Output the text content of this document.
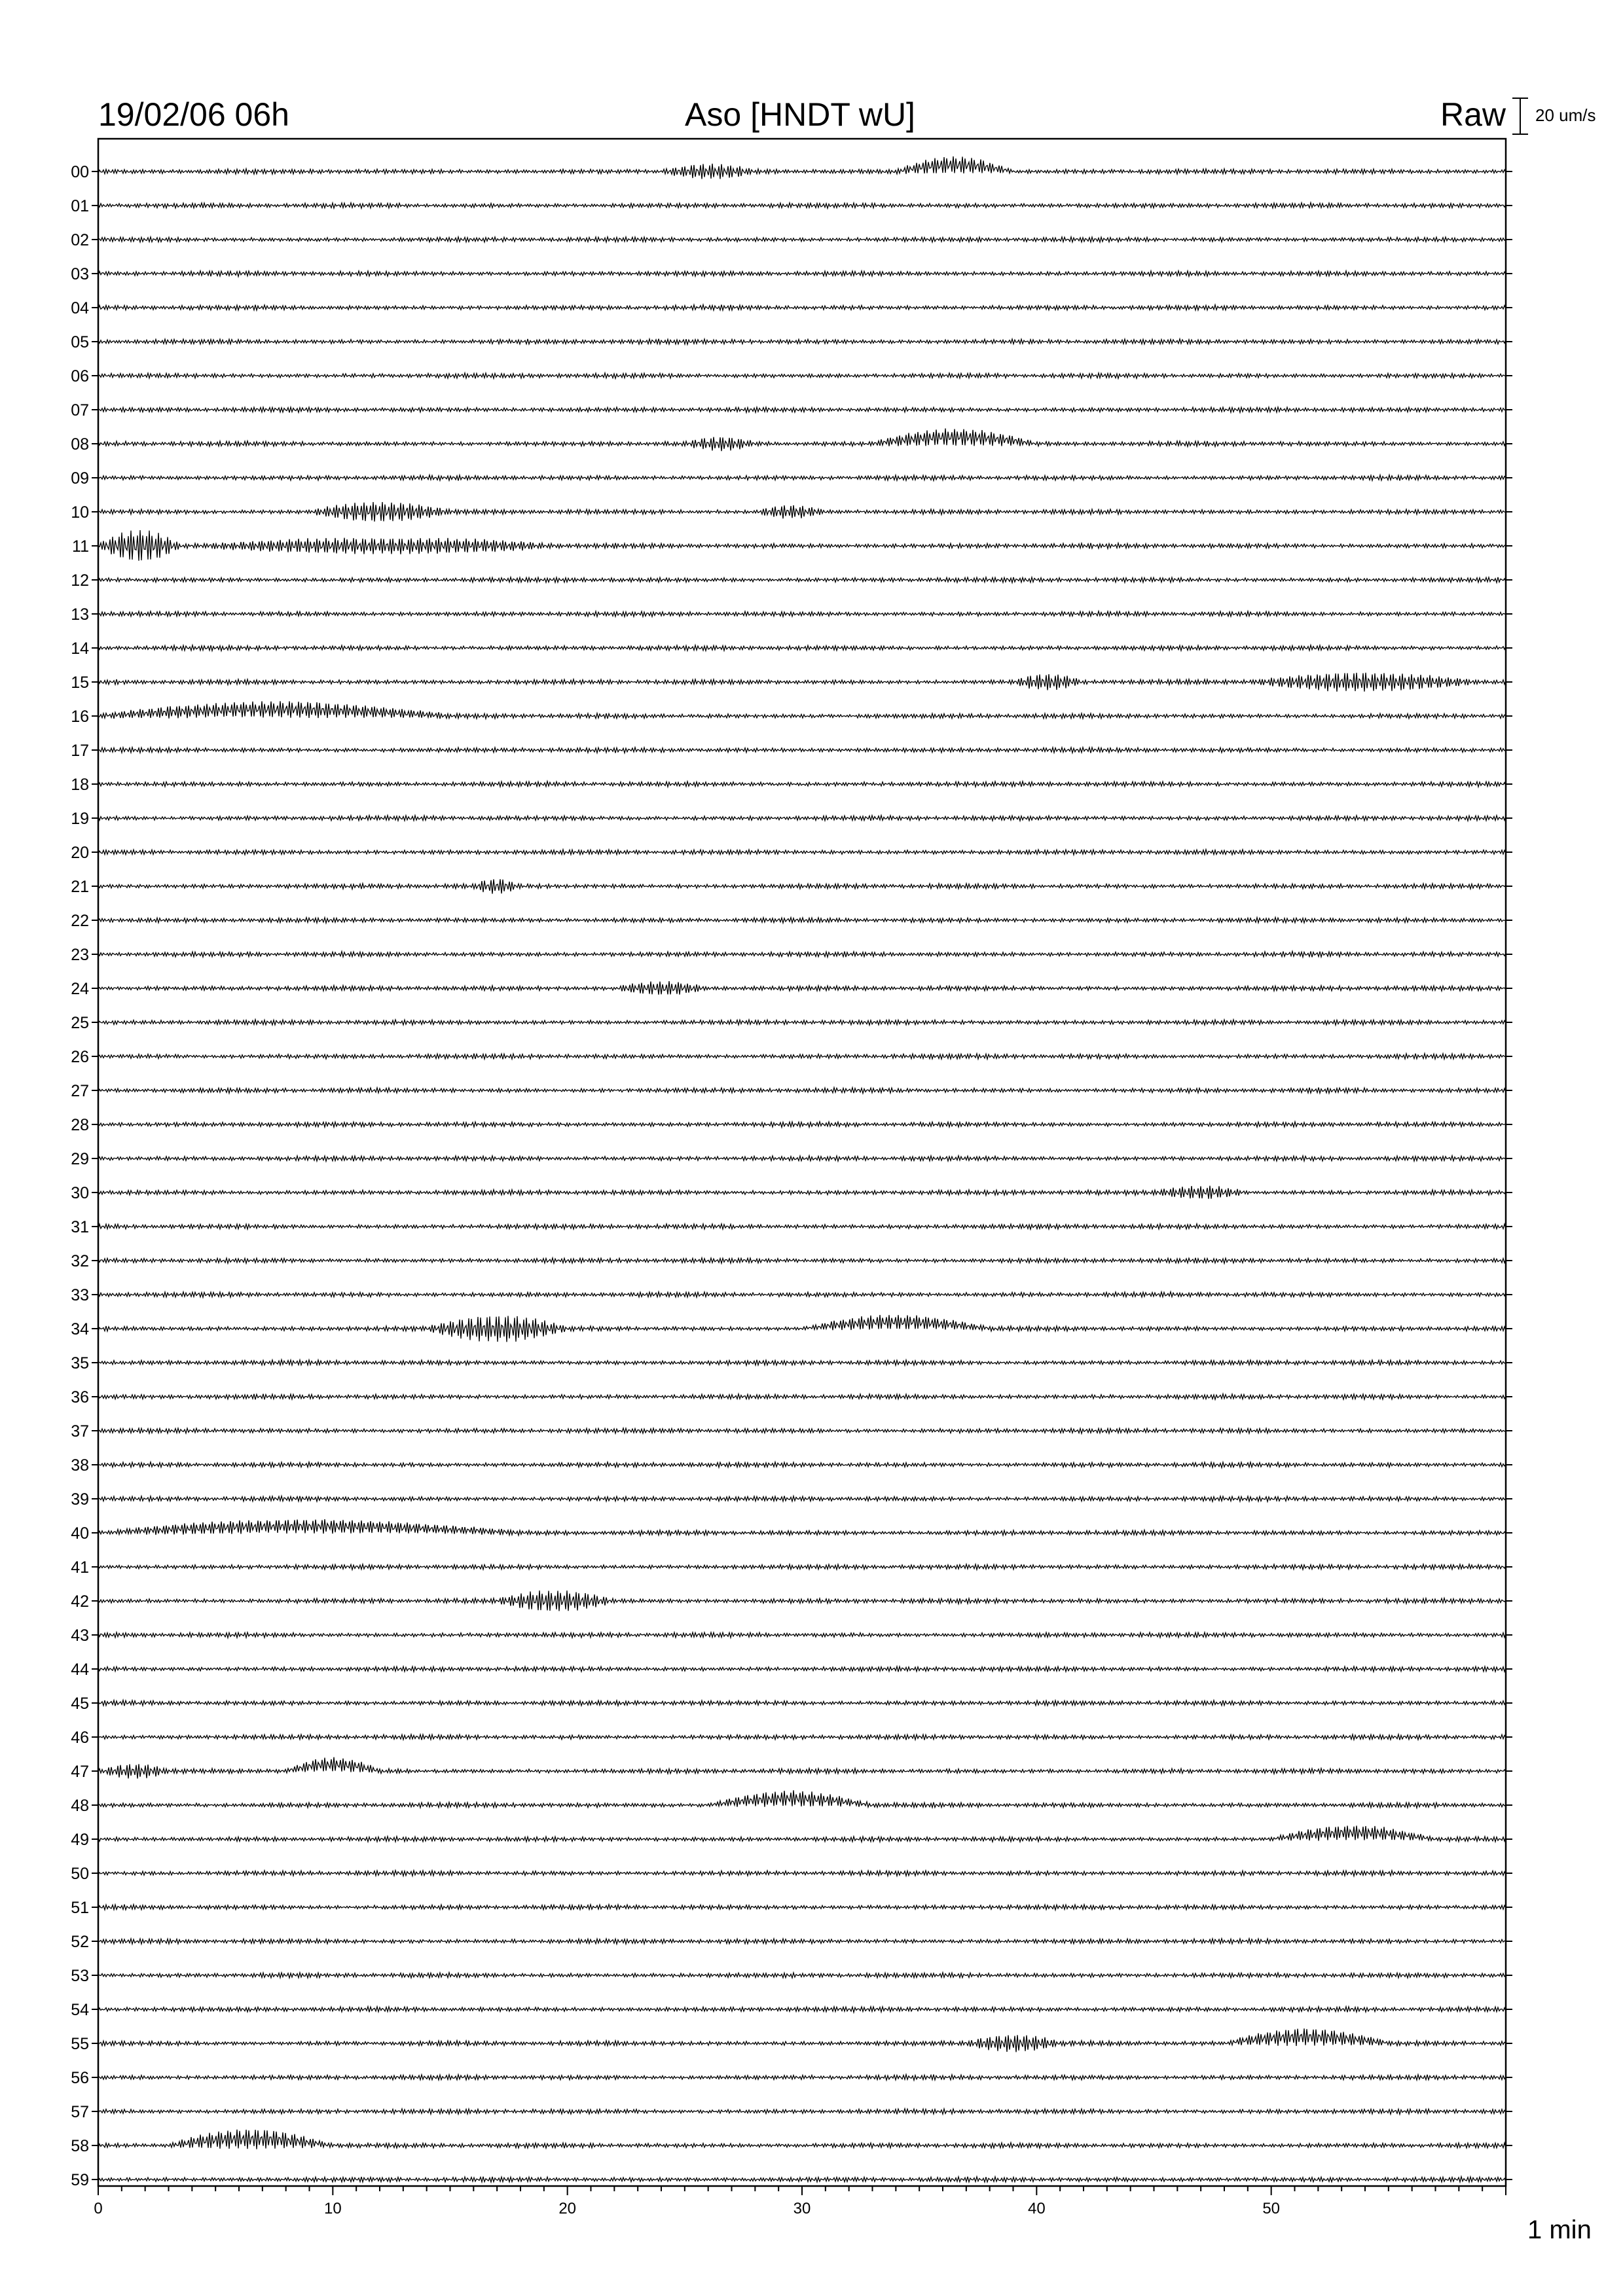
19/02/06 06h	Aso [HNDT wU]	Raw 20 um/s
00
01
02
03
04
05
06
07
08
09
10
11
12
13
14
15
16
17
18
19
20
21
22
23
24
25
26
27
28
29
30
31
32
33
34
35
36
37
38
39
40
41
42
43
44
45
46
47
48
49
50
51
52
53
54
55
56
57
58
59
0	10	20	30	40	50
1 min
